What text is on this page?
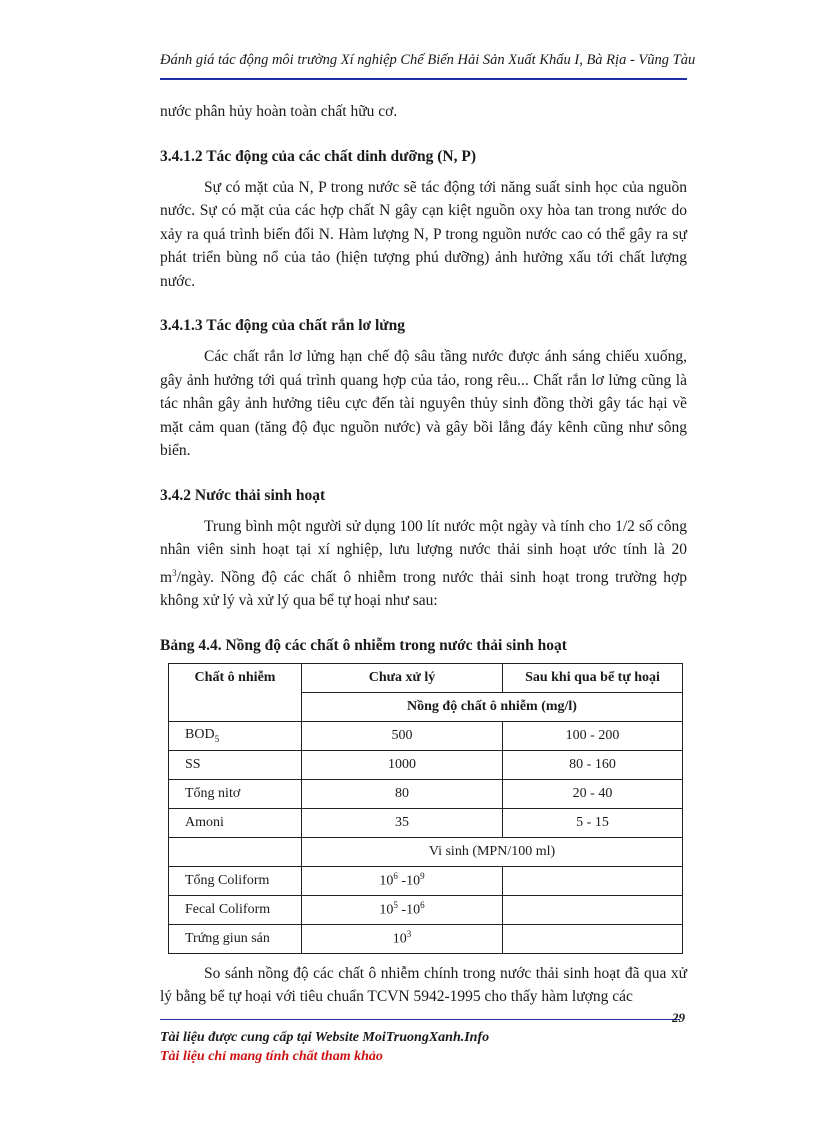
Đánh giá tác động môi trường Xí nghiệp Chế Biến Hải Sản Xuất Khẩu I, Bà Rịa - Vũng Tàu

nước phân hủy hoàn toàn chất hữu cơ.

3.4.1.2 Tác động của các chất dinh dưỡng (N, P)

Sự có mặt của N, P trong nước sẽ tác động tới năng suất sinh học của nguồn nước. Sự có mặt của các hợp chất N gây cạn kiệt nguồn oxy hòa tan trong nước do xảy ra quá trình biến đổi N. Hàm lượng N, P trong nguồn nước cao có thể gây ra sự phát triển bùng nổ của tảo (hiện tượng phú dưỡng) ảnh hưởng xấu tới chất lượng nước.

3.4.1.3 Tác động của chất rắn lơ lửng

Các chất rắn lơ lửng hạn chế độ sâu tầng nước được ánh sáng chiếu xuống, gây ảnh hưởng tới quá trình quang hợp của tảo, rong rêu... Chất rắn lơ lửng cũng là tác nhân gây ảnh hưởng tiêu cực đến tài nguyên thủy sinh đồng thời gây tác hại về mặt cảm quan (tăng độ đục nguồn nước) và gây bồi lắng đáy kênh cũng như sông biển.

3.4.2 Nước thải sinh hoạt

Trung bình một người sử dụng 100 lít nước một ngày và tính cho 1/2 số công nhân viên sinh hoạt tại xí nghiệp, lưu lượng nước thải sinh hoạt ước tính là 20 $m^3$/ngày. Nồng độ các chất ô nhiễm trong nước thải sinh hoạt trong trường hợp không xử lý và xử lý qua bể tự hoại như sau:

Bảng 4.4. Nồng độ các chất ô nhiễm trong nước thải sinh hoạt
Chất ô nhiễm	Chưa xử lý	Sau khi qua bể tự hoại
	Nồng độ chất ô nhiễm (mg/l)	
$BOD_5$	500	100 - 200
SS	1000	80 - 160
Tổng nitơ	80	20 - 40
Amoni	35	5 - 15
	Vi sinh (MPN/100 ml)	
Tổng Coliform	$10^6$ $-10^9$	
Fecal Coliform	$10^5$ $-10^6$	
Trứng giun sán	$10^3$	

So sánh nồng độ các chất ô nhiễm chính trong nước thải sinh hoạt đã qua xử lý bằng bể tự hoại với tiêu chuẩn TCVN 5942-1995 cho thấy hàm lượng các

29
Tài liệu được cung cấp tại Website MoiTruongXanh.Info
Tài liệu chỉ mang tính chất tham khảo
